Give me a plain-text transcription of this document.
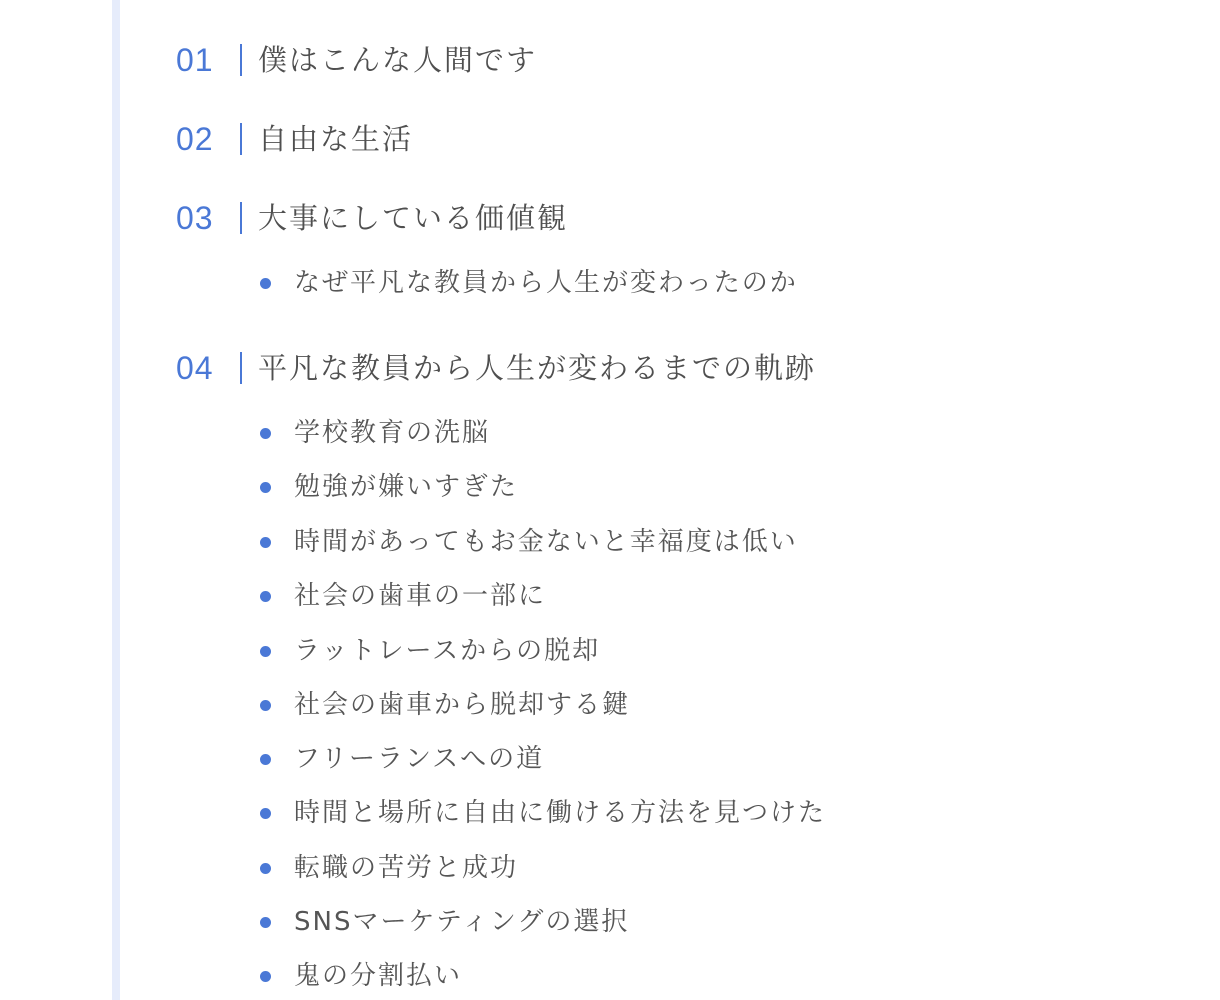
01	僕はこんな人間です
02	自由な生活
03	大事にしている価値観
なぜ平凡な教員から人生が変わったのか
04	平凡な教員から人生が変わるまでの軌跡
学校教育の洗脳
勉強が嫌いすぎた
時間があってもお金ないと幸福度は低い
社会の歯車の一部に
ラットレースからの脱却
社会の歯車から脱却する鍵
フリーランスへの道
時間と場所に自由に働ける方法を見つけた
転職の苦労と成功
SNSマーケティングの選択
鬼の分割払い
